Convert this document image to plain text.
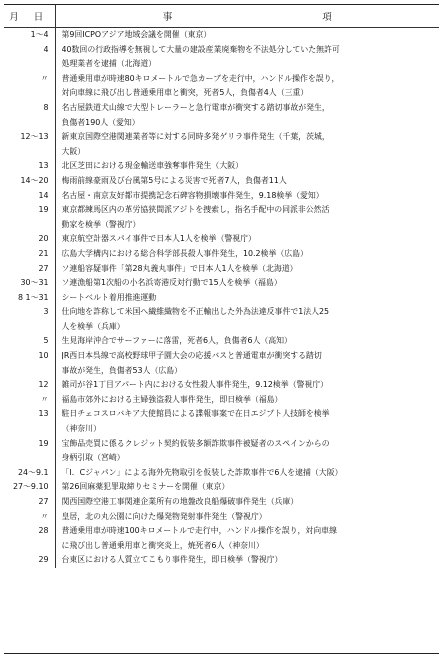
月 日	事 項
1～4	第9回ICPOアジア地域会議を開催（東京）

4	40数回の行政指導を無視して大量の建設産業廃棄物を不法処分していた無許可
処理業者を逮捕（北海道）

〃	普通乗用車が時速80キロメートルで急カーブを走行中，ハンドル操作を誤り，
対向車線に飛び出し普通乗用車と衝突，死者5人，負傷者4人（三重）

8	名古屋鉄道犬山線で大型トレーラーと急行電車が衝突する踏切事故が発生，
負傷者190人（愛知）

12～13	新東京国際空港関連業者等に対する同時多発ゲリラ事件発生（千葉，茨城，
大阪）

13	北区芝田における現金輸送車強奪事件発生（大阪）

14～20	梅雨前線豪雨及び台風第5号による災害で死者7人，負傷者11人

14	名古屋・南京友好都市提携記念石碑容物損壊事件発生，9.18検挙（愛知）

19	東京都練馬区内の革労協狭間派アジトを捜索し，指名手配中の同派非公然活
動家を検挙（警視庁）

20	東京航空計器スパイ事件で日本人1人を検挙（警視庁）

21	広島大学構内における総合科学部長殺人事件発生，10.2検挙（広島）

27	ソ連船容疑事件「第28丸義丸事件」で日本人1人を検挙（北海道）

30～31	ソ連漁船第1次船の小名浜寄港反対行動で15人を検挙（福島）

8 1～31	シートベルト着用推進運動

3	仕向地を詐称して米国へ繊維織物を不正輸出した外為法違反事件で1法人25
人を検挙（兵庫）

5	生見海岸沖合でサーファーに落雷，死者6人，負傷者6人（高知）

10	JR西日本呉線で高校野球甲子園大会の応援バスと普通電車が衝突する踏切
事故が発生，負傷者53人（広島）

12	雑司が谷1丁目アパート内における女性殺人事件発生，9.12検挙（警視庁）

〃	福島市郊外における主婦強盗殺人事件発生，即日検挙（福島）

13	駐日チェコスロバキア大使館員による諜報事案で在日エジプト人技師を検挙
（神奈川）

19	宝飾品売買に係るクレジット契約仮装多額詐欺事件被疑者のスペインからの
身柄引取（宮崎）

24～9.1	「I．Cジャパン」による海外先物取引を仮装した詐欺事件で6人を逮捕（大阪）

27～9.10	第26回麻薬犯罪取締りセミナーを開催（東京）

27	関西国際空港工事関連企業所有の地盤改良船爆破事件発生（兵庫）

〃	皇居，北の丸公園に向けた爆発物発射事件発生（警視庁）

28	普通乗用車が時速100キロメートルで走行中，ハンドル操作を誤り，対向車線
に飛び出し普通乗用車と衝突炎上，焼死者6人（神奈川）

29	台東区における人質立てこもり事件発生，即日検挙（警視庁）
